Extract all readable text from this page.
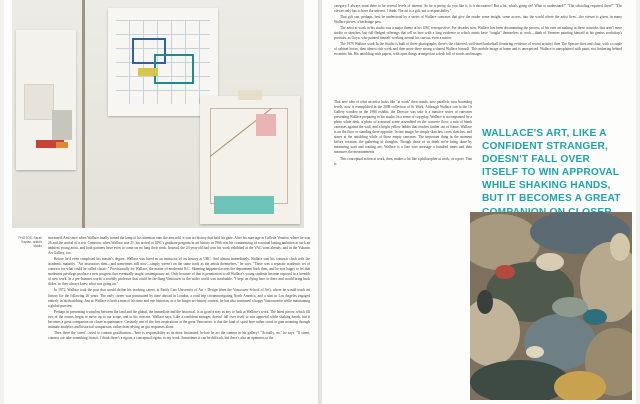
PHOTOS: Sarah Kaplan, artist's studio

increased. And since when Wallace finally turned the lamp of his attention onto the artworld, it was art history that held his gaze. After his marriage at Collette Venafro, where he was 26 and the arrival of a son, Cameron, when Wallace was 21, his arrival at UBC's graduate program in art history in 1966 was his commencing of a mutual lasting ambition at such an ambient young artist, and both partners have even to come on no long their work. Instead, the 23-year-old had won his work exhibited at the VAG soon already, and in the Vukasin Art Gallery, too.

Before he'd even completed his master's degree, Wallace was hired as an instructor of art history at UBC. And almost immediately, Wallace saw his contexts clash with the academic maturity. "Art instructors then—and sometimes still now—simply weren't on the same track as the artists themselves," he says. "There was a separate academic set of contexts for what could be called classic." Provisionally for Wallace, the matter of modernist B.C. Skinning happened across the department back then, and he was happy to let that modernist privilege produce a new progress that eventually taught contemporary art. Only because of that is penetration to all Wallace's young students became exposed in a breadth of new work. In a pre-Internet world, a worldly professor that could be far-flung Vancouver to the wider world was invaluable. "I kept on flying here or there and would bring back slides, so they always knew what was going on."

In 1972, Wallace took the post that would define his teaching career, at Emily Carr University of Art + Design (then the Vancouver School of Art), where he would teach art history for the following 26 years. The early career was punctuated by time abroad in London, a road trip circumnavigating North America, and a stint in Los Angeles engaged entirely in birdwatching. Just as Wallace is both a man of his time and one historian, as a far longer art-history context, he has also continued a happy Vancouverite while maintaining a global purview.

Perhaps in presenting a window between the land and the global, the immediate and the historical, is as good a way as any to look at Wallace's work. The latest pieces, which fill two of the rooms, begin to move up to our scope, and to his concern. Wallace says, Like a confident stranger, doesn't fall over itself to win approval while shaking hands, but it becomes a great companion on closer acquaintance. Certainly one of the first inspirations at the great Vancouver, is that the kind of spirit here rather stood to gain meaning through intimate analytics and historical comparison, rather than relying on gut responses alone.

Then there the 'street'—used to contain gratification—'here is responsibility as its most fascinated, before he act the camera in his gallery? "Actually, no," he says. "If street, connect our take something from it. I think there's a rigour, a conceptual rigour, to my work. Sometimes it can be difficult, but there's also an openness to the

category. I always want there to be several levels of interest. So he is pretty, do you like it, is it decorative? But a lot, what's going on? What to understand?" "The schooling required, then?" "The viewer only has to have the interest, I think. The art is a gift, not a responsibility."

That gift can, perhaps, best be understood by a series of Wallace canvases that give the reader some insight, some access, into the world where the artist lives—the viewer is given, in many Wallace pieces, a backstage pass.

The artist at work in his studio was a major theme at his UBC retrospective. For decades now, Wallace has been documenting the process of his own art making in these artworks that aren't mere studio or sketches, but full-fledged offerings that tell us how with a long evidence to which artists have "sought" themselves at work—think of Vermeer painting himself at his genius workshop's portraits, as Goya, who painted himself working around his canvas, even a mirror.

The 1979 Wallace work In the Studio is built of three photographs: there's the cluttered, well-used basketball (featuring evidence of recent artistry) then The Spectre does and chair, with a couple of cabinet boxes, then almost rich work and then more there strong a shared Wallace himself. This mobile image at home and is unexpected. Wallace is unexplained with paint, not furthering behind eccentric his. His unfolding with papers, with open things arranged on a desk full of words and images.

That new idea of what an artist looks like "at work" then stands, now parallels, now bounding levels, now is exemplified in the 2008 collection of At Work. Although Wallace can to the Or Gallery window in the 1980 exhibit, the Director was take is a massive series of canvases presenting Wallace preparing in his studio. In a sense of copyplay, Wallace is accompanied by a photo white desk, a photo of a mutual scene assembled on the concrete floor; a mix of blank canvases against the wall, and a bright yellow ladder that reaches farther out of frame. Wallace is on the floor or standing there opposite. In one image, he simply sketches, cross sketches, and stares at the unfolding while of those empty canvases. The important thing in the moment before creation, the gathering of thoughts. Though those of us think we're being done by measuring wait and waiting are, Wallace is a fine wire message a hundred times and then measures the measurements.

This conceptual action at work, then, makes a lot like a philosopher at work, or a poet. That is

WALLACE'S ART, LIKE A CONFIDENT STRANGER, DOESN'T FALL OVER ITSELF TO WIN APPROVAL WHILE SHAKING HANDS, BUT IT BECOMES A GREAT
